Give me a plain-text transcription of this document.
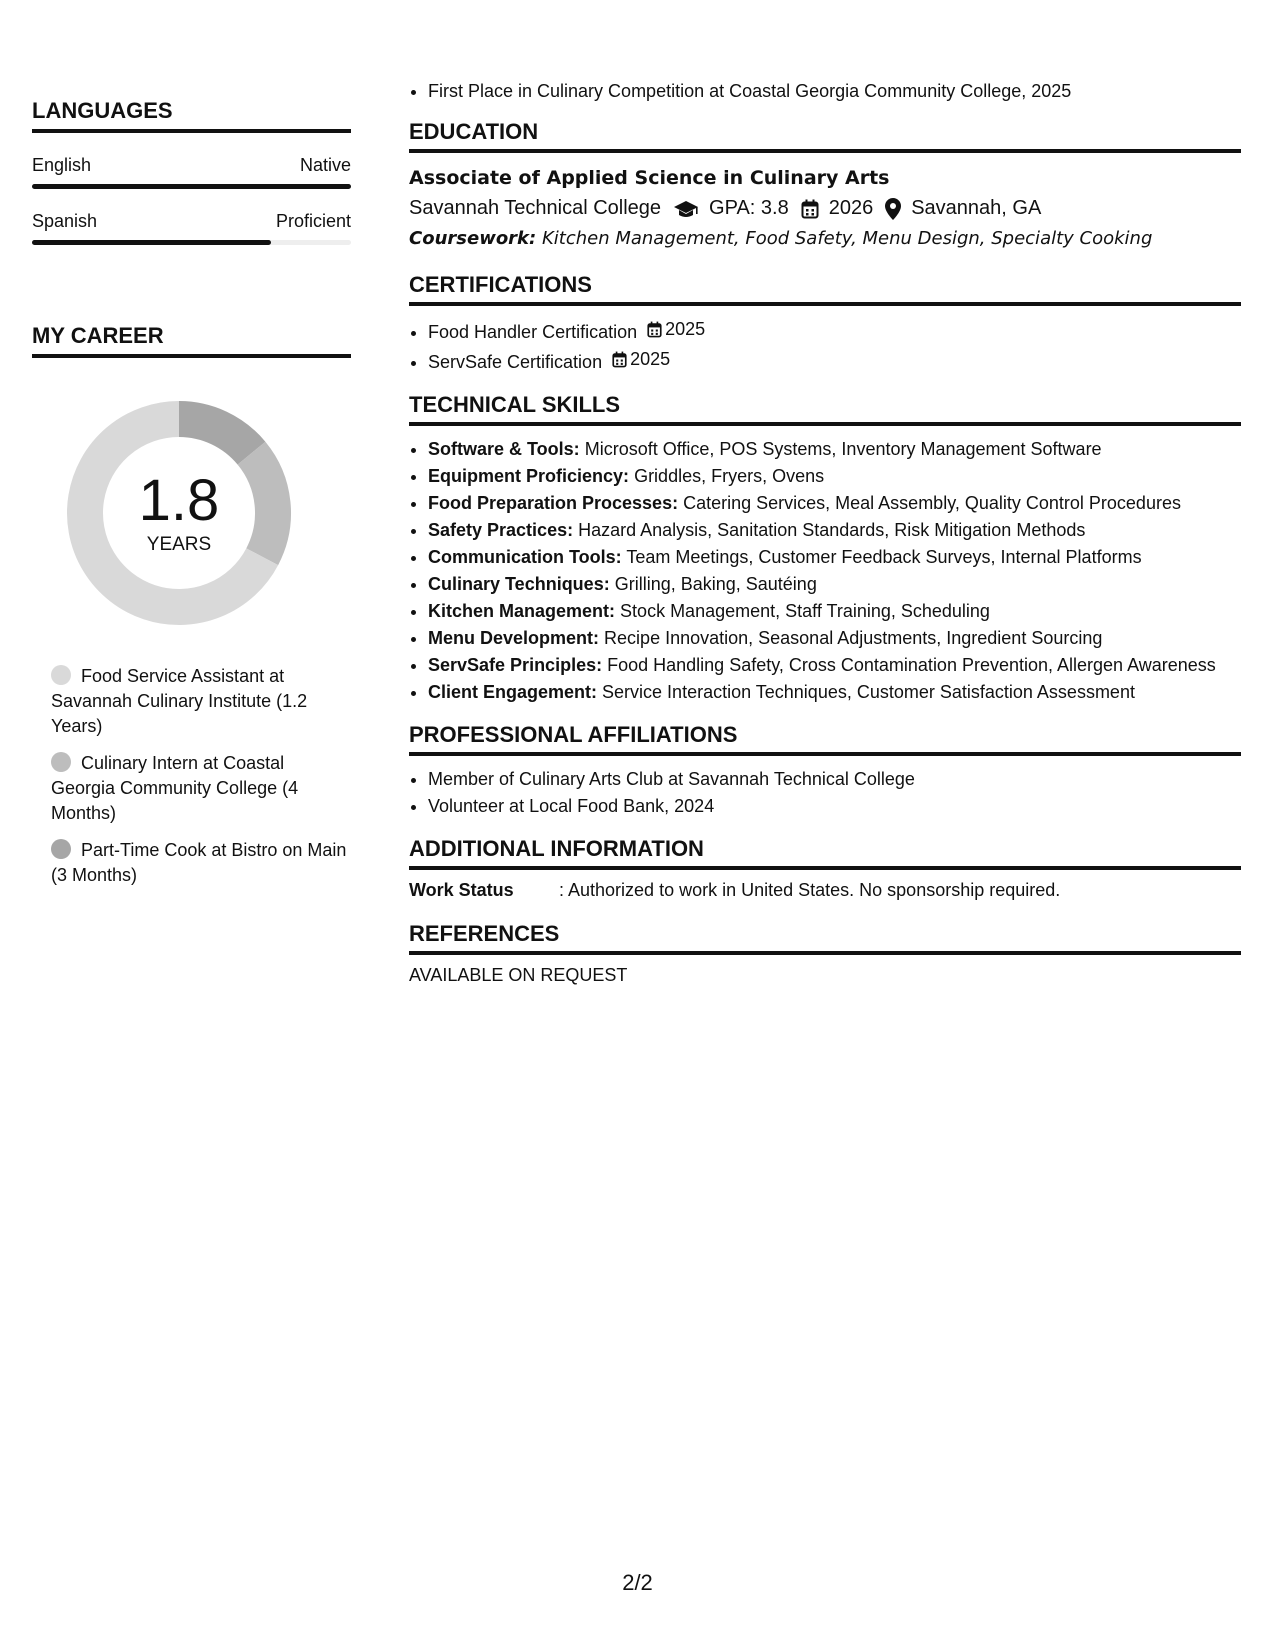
LANGUAGES
English	Native
Spanish	Proficient
MY CAREER
1.8
YEARS
Food Service Assistant at Savannah Culinary Institute (1.2 Years)
Culinary Intern at Coastal Georgia Community College (4 Months)
Part-Time Cook at Bistro on Main (3 Months)
• First Place in Culinary Competition at Coastal Georgia Community College, 2025
EDUCATION
Associate of Applied Science in Culinary Arts
Savannah Technical College GPA: 3.8 2026 Savannah, GA
Coursework: Kitchen Management, Food Safety, Menu Design, Specialty Cooking
CERTIFICATIONS
• Food Handler Certification 2025
• ServSafe Certification 2025
TECHNICAL SKILLS
• Software & Tools: Microsoft Office, POS Systems, Inventory Management Software
• Equipment Proficiency: Griddles, Fryers, Ovens
• Food Preparation Processes: Catering Services, Meal Assembly, Quality Control Procedures
• Safety Practices: Hazard Analysis, Sanitation Standards, Risk Mitigation Methods
• Communication Tools: Team Meetings, Customer Feedback Surveys, Internal Platforms
• Culinary Techniques: Grilling, Baking, Sautéing
• Kitchen Management: Stock Management, Staff Training, Scheduling
• Menu Development: Recipe Innovation, Seasonal Adjustments, Ingredient Sourcing
• ServSafe Principles: Food Handling Safety, Cross Contamination Prevention, Allergen Awareness
• Client Engagement: Service Interaction Techniques, Customer Satisfaction Assessment
PROFESSIONAL AFFILIATIONS
• Member of Culinary Arts Club at Savannah Technical College
• Volunteer at Local Food Bank, 2024
ADDITIONAL INFORMATION
Work Status	: Authorized to work in United States. No sponsorship required.
REFERENCES
AVAILABLE ON REQUEST
2/2
